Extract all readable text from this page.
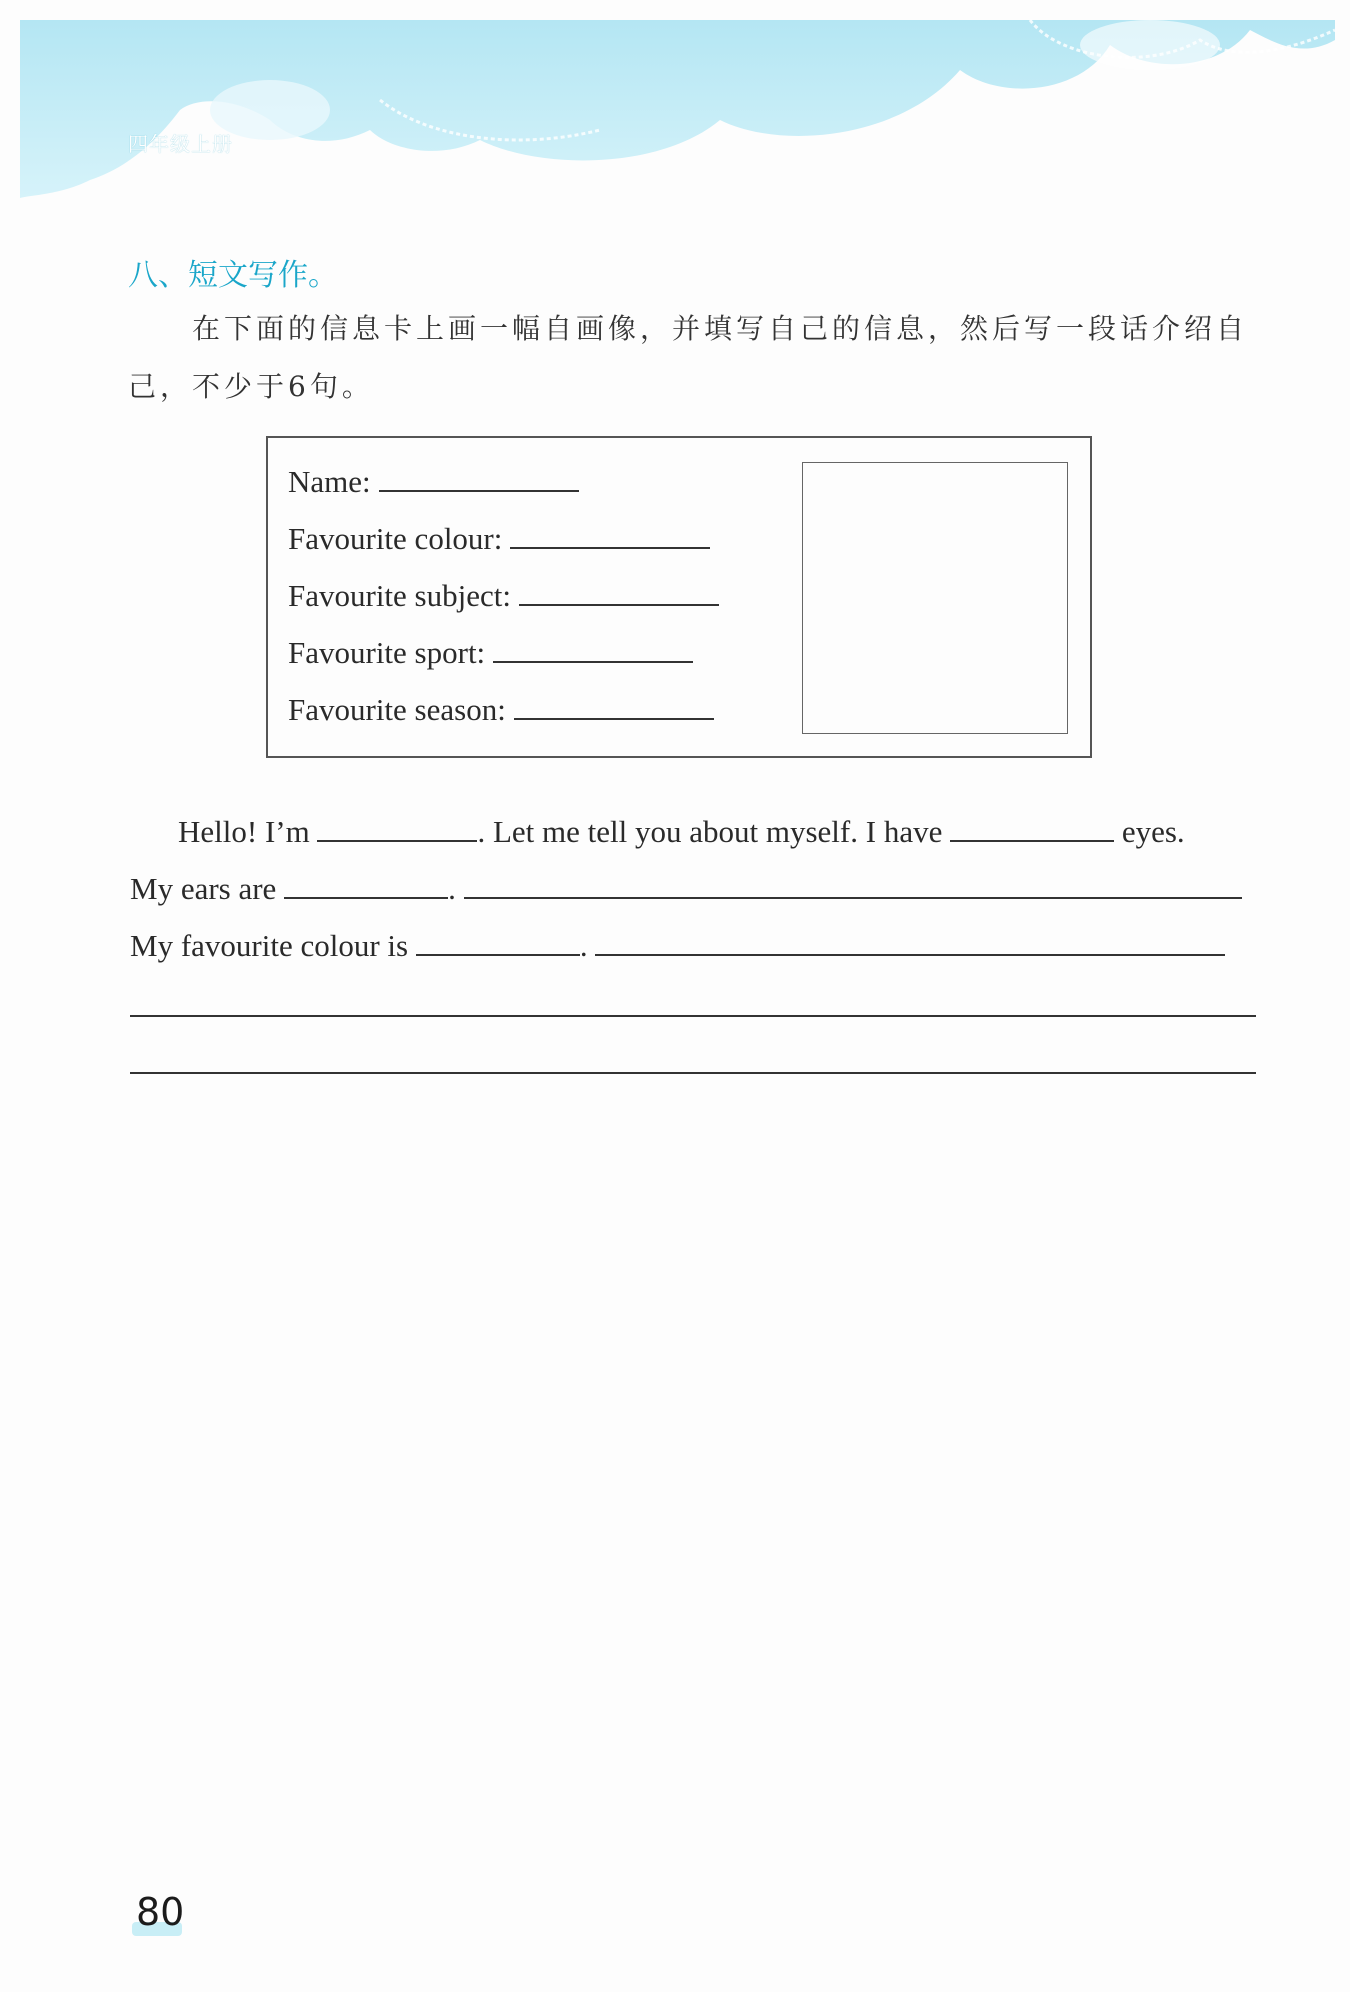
四年级上册
八、短文写作。
在下面的信息卡上画一幅自画像，并填写自己的信息，然后写一段话介绍自己，不少于6句。
Name:
Favourite colour:
Favourite subject:
Favourite sport:
Favourite season:
Hello! I’m	. Let me tell you about myself. I have	eyes.
My ears are	.
My favourite colour is	.
80
